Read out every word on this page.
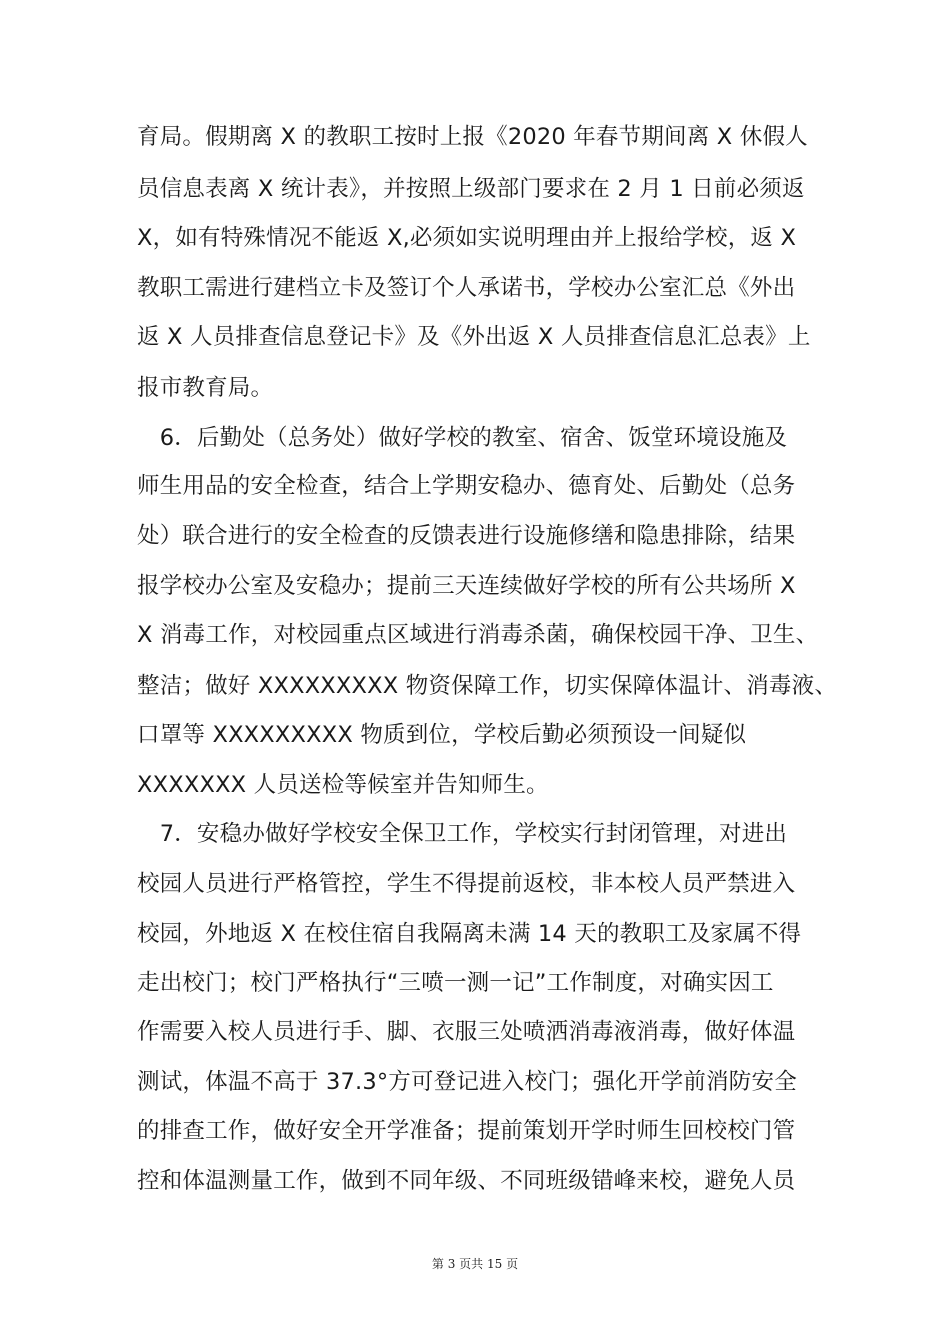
育局。假期离 X 的教职工按时上报《2020 年春节期间离 X 休假人
员信息表离 X 统计表》，并按照上级部门要求在 2 月 1 日前必须返
X，如有特殊情况不能返 X,必须如实说明理由并上报给学校，返 X
教职工需进行建档立卡及签订个人承诺书，学校办公室汇总《外出
返 X 人员排查信息登记卡》及《外出返 X 人员排查信息汇总表》上
报市教育局。
　6．后勤处（总务处）做好学校的教室、宿舍、饭堂环境设施及
师生用品的安全检查，结合上学期安稳办、德育处、后勤处（总务
处）联合进行的安全检查的反馈表进行设施修缮和隐患排除，结果
报学校办公室及安稳办；提前三天连续做好学校的所有公共场所 X
X 消毒工作，对校园重点区域进行消毒杀菌，确保校园干净、卫生、
整洁；做好 XXXXXXXXX 物资保障工作，切实保障体温计、消毒液、
口罩等 XXXXXXXXX 物质到位，学校后勤必须预设一间疑似
XXXXXXX 人员送检等候室并告知师生。
　7．安稳办做好学校安全保卫工作，学校实行封闭管理，对进出
校园人员进行严格管控，学生不得提前返校，非本校人员严禁进入
校园，外地返 X 在校住宿自我隔离未满 14 天的教职工及家属不得
走出校门；校门严格执行“三喷一测一记”工作制度，对确实因工
作需要入校人员进行手、脚、衣服三处喷洒消毒液消毒，做好体温
测试，体温不高于 37.3°方可登记进入校门；强化开学前消防安全
的排查工作，做好安全开学准备；提前策划开学时师生回校校门管
控和体温测量工作，做到不同年级、不同班级错峰来校，避免人员
第 3 页共 15 页
